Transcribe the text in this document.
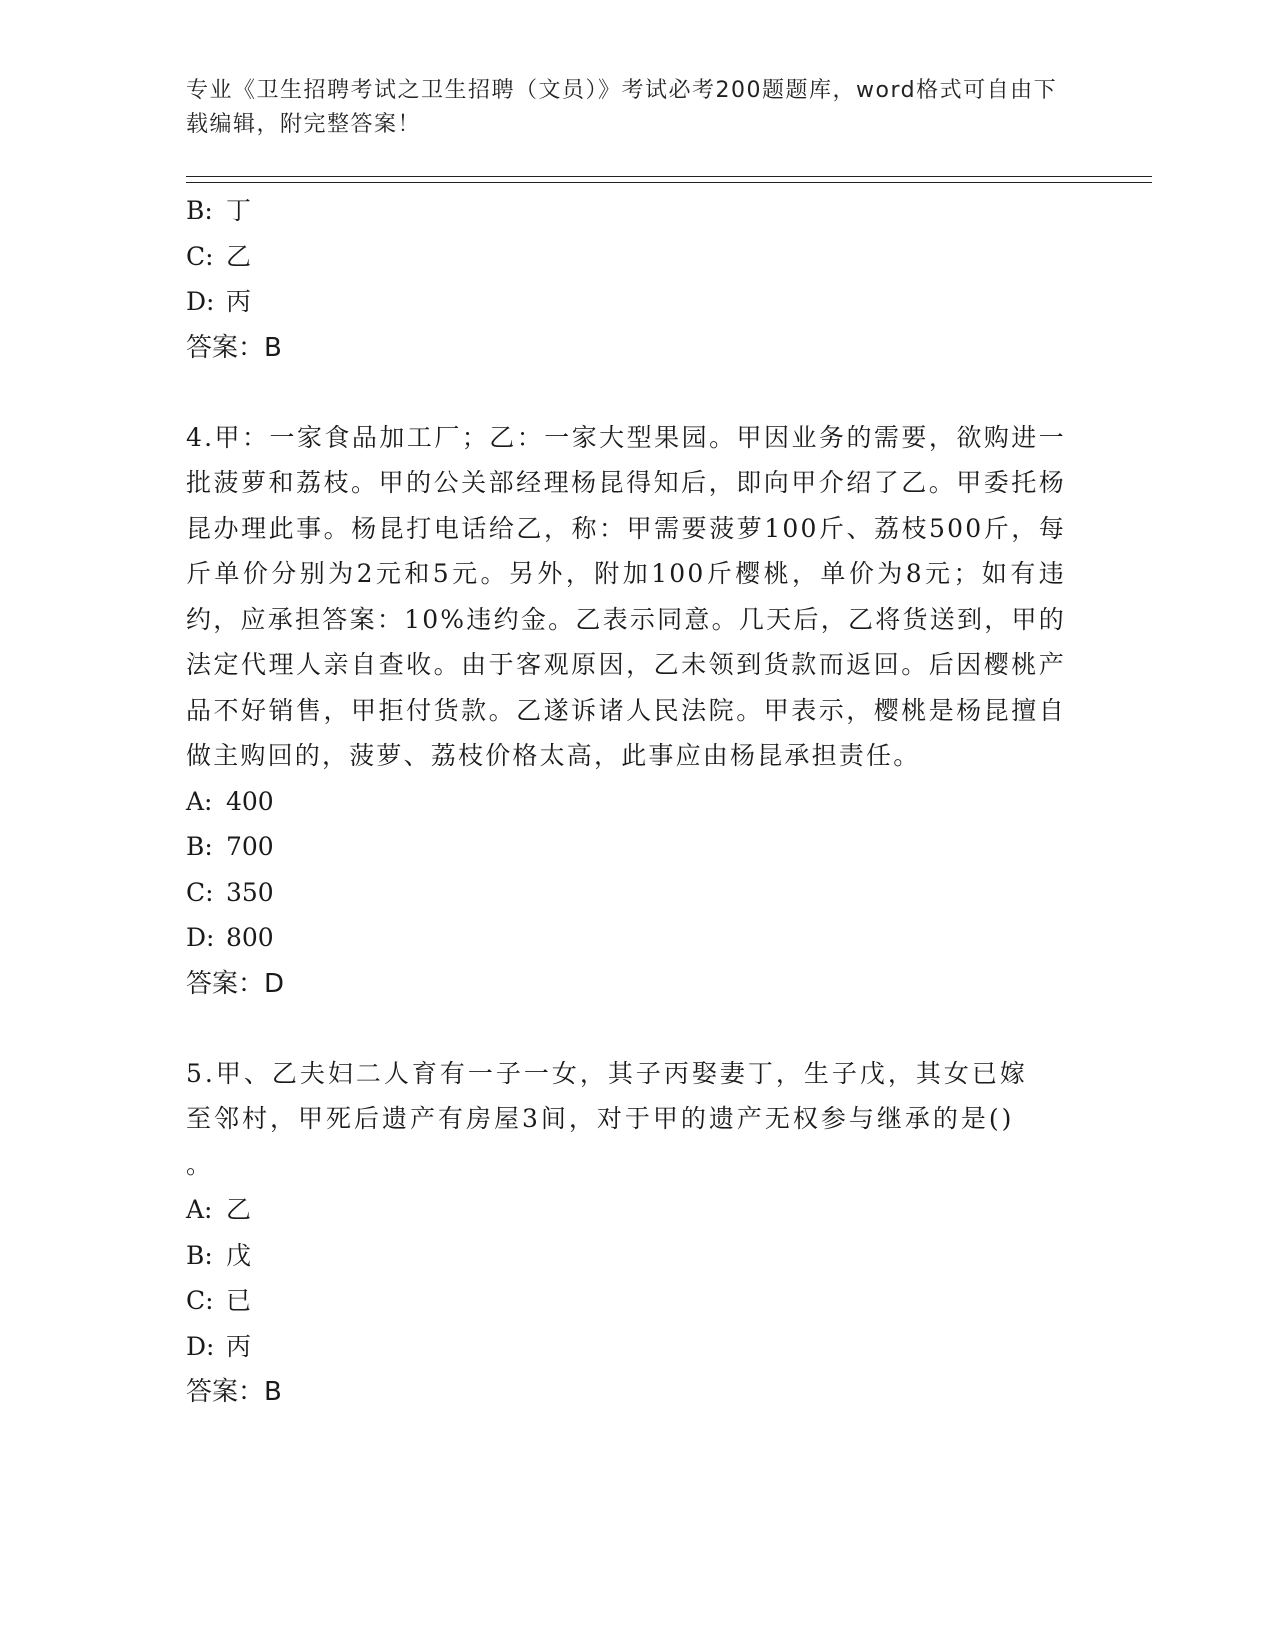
专业《卫生招聘考试之卫生招聘（文员）》考试必考200题题库，word格式可自由下载编辑，附完整答案！
B: 丁
C: 乙
D: 丙
答案：B
4.甲：一家食品加工厂；乙：一家大型果园。甲因业务的需要，欲购进一批菠萝和荔枝。甲的公关部经理杨昆得知后，即向甲介绍了乙。甲委托杨昆办理此事。杨昆打电话给乙，称：甲需要菠萝100斤、荔枝500斤，每斤单价分别为2元和5元。另外，附加100斤樱桃，单价为8元；如有违约，应承担答案：10%违约金。乙表示同意。几天后，乙将货送到，甲的法定代理人亲自查收。由于客观原因，乙未领到货款而返回。后因樱桃产品不好销售，甲拒付货款。乙遂诉诸人民法院。甲表示，樱桃是杨昆擅自做主购回的，菠萝、荔枝价格太高，此事应由杨昆承担责任。
A: 400
B: 700
C: 350
D: 800
答案：D
5.甲、乙夫妇二人育有一子一女，其子丙娶妻丁，生子戊，其女已嫁
至邻村，甲死后遗产有房屋3间，对于甲的遗产无权参与继承的是()
。
A: 乙
B: 戊
C: 已
D: 丙
答案：B
